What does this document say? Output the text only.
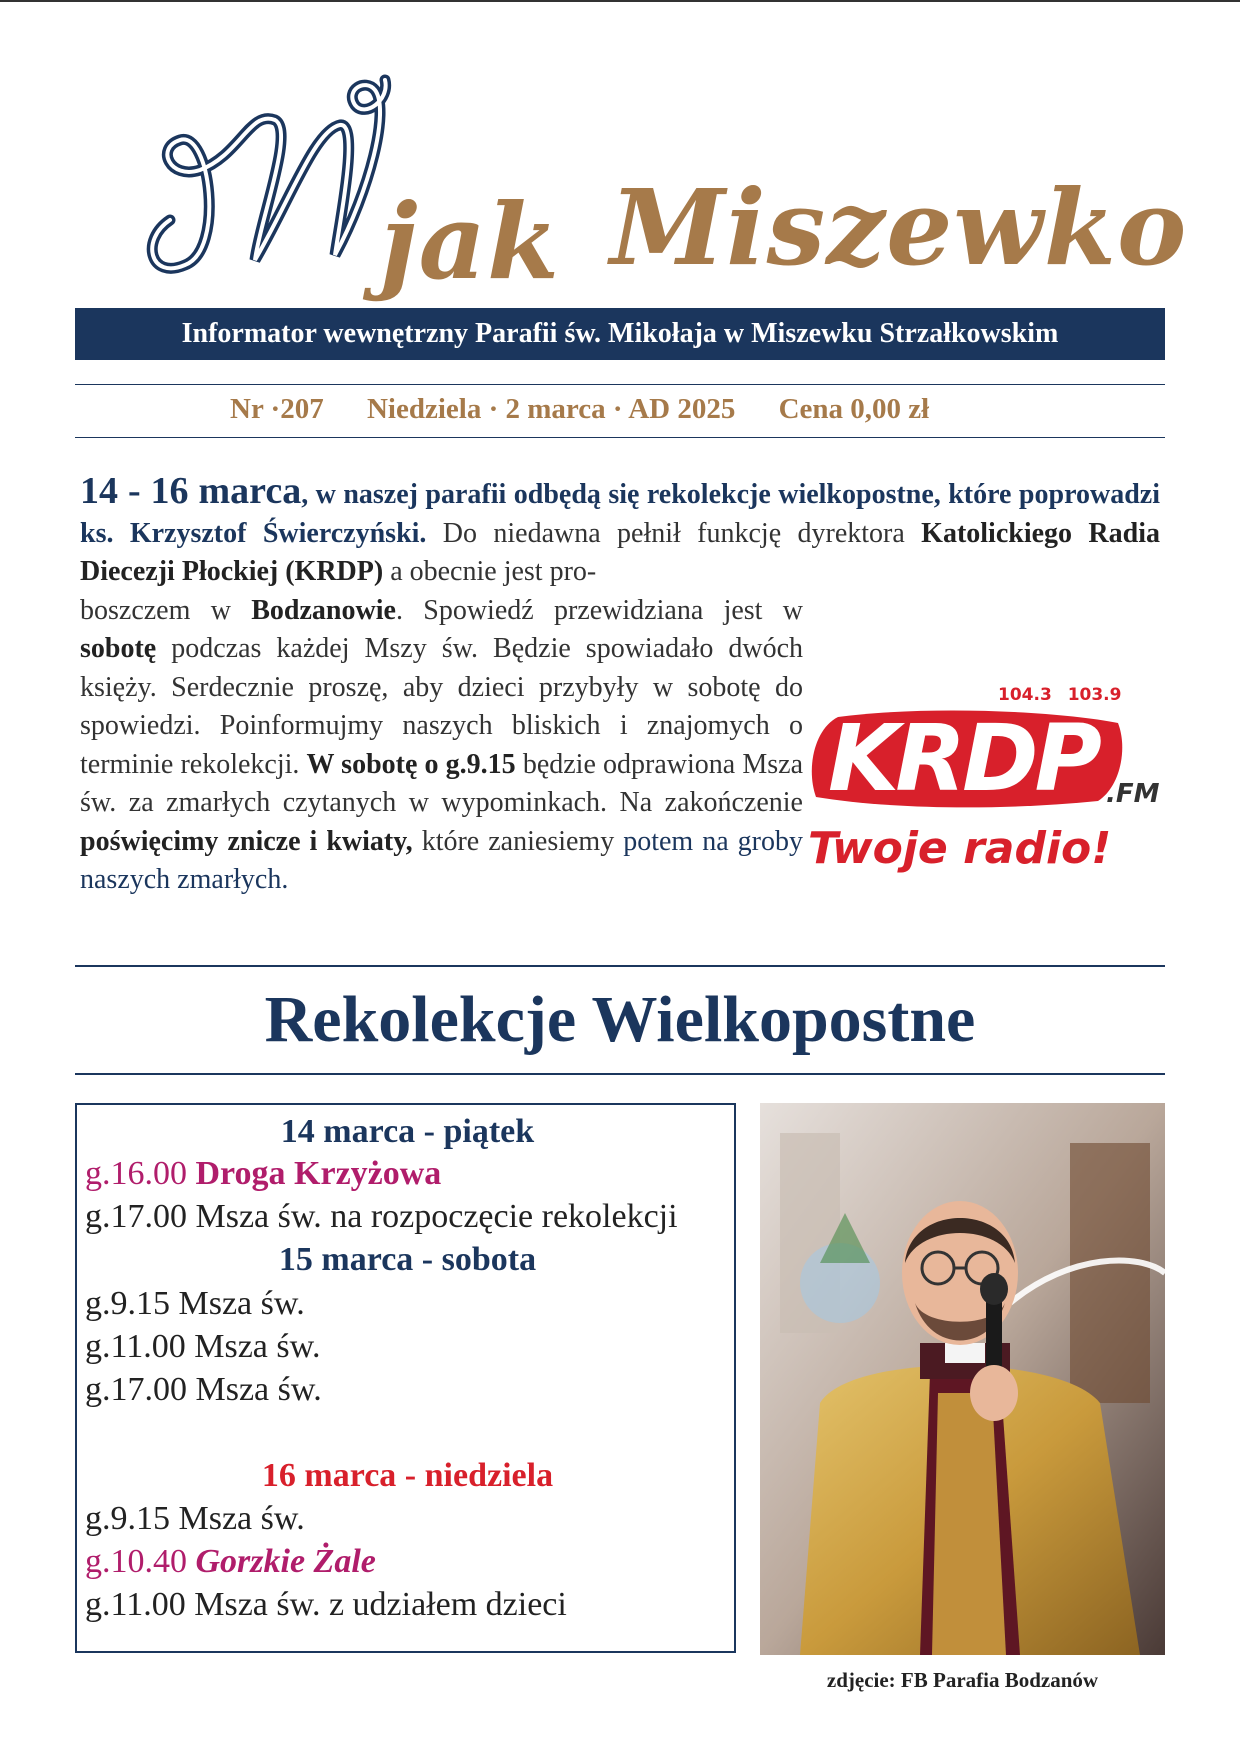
jak Miszewko
Informator wewnętrzny Parafii św. Mikołaja w Miszewku Strzałkowskim
Nr ·207 Niedziela · 2 marca · AD 2025 Cena 0,00 zł
14 - 16 marca, w naszej parafii odbędą się rekolekcje wielkopostne, które poprowadzi ks. Krzysztof Świerczyński. Do niedawna pełnił funkcję dyrektora Katolickiego Radia Diecezji Płockiej (KRDP) a obecnie jest pro-
boszczem w Bodzanowie. Spowiedź przewidziana jest w sobotę podczas każdej Mszy św. Będzie spowiadało dwóch księży. Serdecznie proszę, aby dzieci przybyły w sobotę do spowiedzi. Poinformujmy naszych bliskich i znajomych o terminie rekolekcji. W sobotę o g.9.15 będzie odprawiona Msza św. za zmarłych czytanych w wypominkach. Na zakończenie poświęcimy znicze i kwiaty, które zaniesiemy potem na groby naszych zmarłych.
104.3 103.9
KRDP .FM
Twoje radio!
Rekolekcje Wielkopostne
14 marca - piątek
g.16.00 Droga Krzyżowa
g.17.00 Msza św. na rozpoczęcie rekolekcji
15 marca - sobota
g.9.15 Msza św.
g.11.00 Msza św.
g.17.00 Msza św.
16 marca - niedziela
g.9.15 Msza św.
g.10.40 Gorzkie Żale
g.11.00 Msza św. z udziałem dzieci
zdjęcie: FB Parafia Bodzanów
